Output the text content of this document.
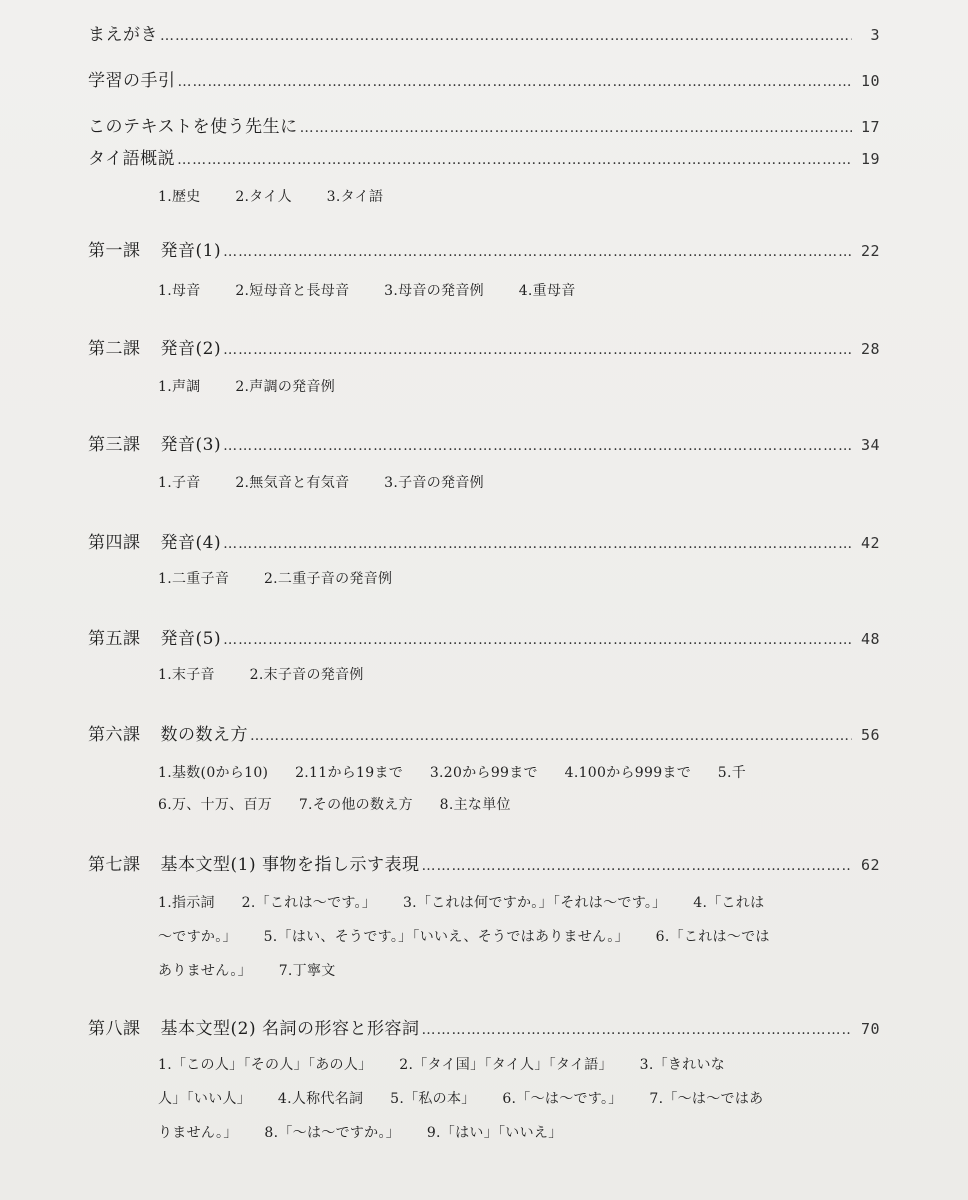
まえがき ……………………………………………………………………………………………………………………………………………………………………………………………………………………	3
学習の手引 ……………………………………………………………………………………………………………………………………………………………………………………………………………………	10
このテキストを使う先生に ……………………………………………………………………………………………………………………………………………………………………………………………………………………	17
タイ語概説 ……………………………………………………………………………………………………………………………………………………………………………………………………………………	19
1.歴史 2.タイ人 3.タイ語
第一課 発音(1) ……………………………………………………………………………………………………………………………………………………………………………………………………………………	22
1.母音 2.短母音と長母音 3.母音の発音例 4.重母音
第二課 発音(2) ……………………………………………………………………………………………………………………………………………………………………………………………………………………	28
1.声調 2.声調の発音例
第三課 発音(3) ……………………………………………………………………………………………………………………………………………………………………………………………………………………	34
1.子音 2.無気音と有気音 3.子音の発音例
第四課 発音(4) ……………………………………………………………………………………………………………………………………………………………………………………………………………………	42
1.二重子音 2.二重子音の発音例
第五課 発音(5) ……………………………………………………………………………………………………………………………………………………………………………………………………………………	48
1.末子音 2.末子音の発音例
第六課 数の数え方 ……………………………………………………………………………………………………………………………………………………………………………………………………………………	56
1.基数(0から10) 2.11から19まで 3.20から99まで 4.100から999まで 5.千
6.万、十万、百万 7.その他の数え方 8.主な単位
第七課 基本文型(1) 事物を指し示す表現 ……………………………………………………………………………………………………………………………………………………………………………………………………………………	62
1.指示詞 2.「これは～です。」 3.「これは何ですか。」「それは～です。」 4.「これは
～ですか。」 5.「はい、そうです。」「いいえ、そうではありません。」 6.「これは～では
ありません。」 7.丁寧文
第八課 基本文型(2) 名詞の形容と形容詞 ……………………………………………………………………………………………………………………………………………………………………………………………………………………	70
1.「この人」「その人」「あの人」 2.「タイ国」「タイ人」「タイ語」 3.「きれいな
人」「いい人」 4.人称代名詞 5.「私の本」 6.「～は～です。」 7.「～は～ではあ
りません。」 8.「～は～ですか。」 9.「はい」「いいえ」
